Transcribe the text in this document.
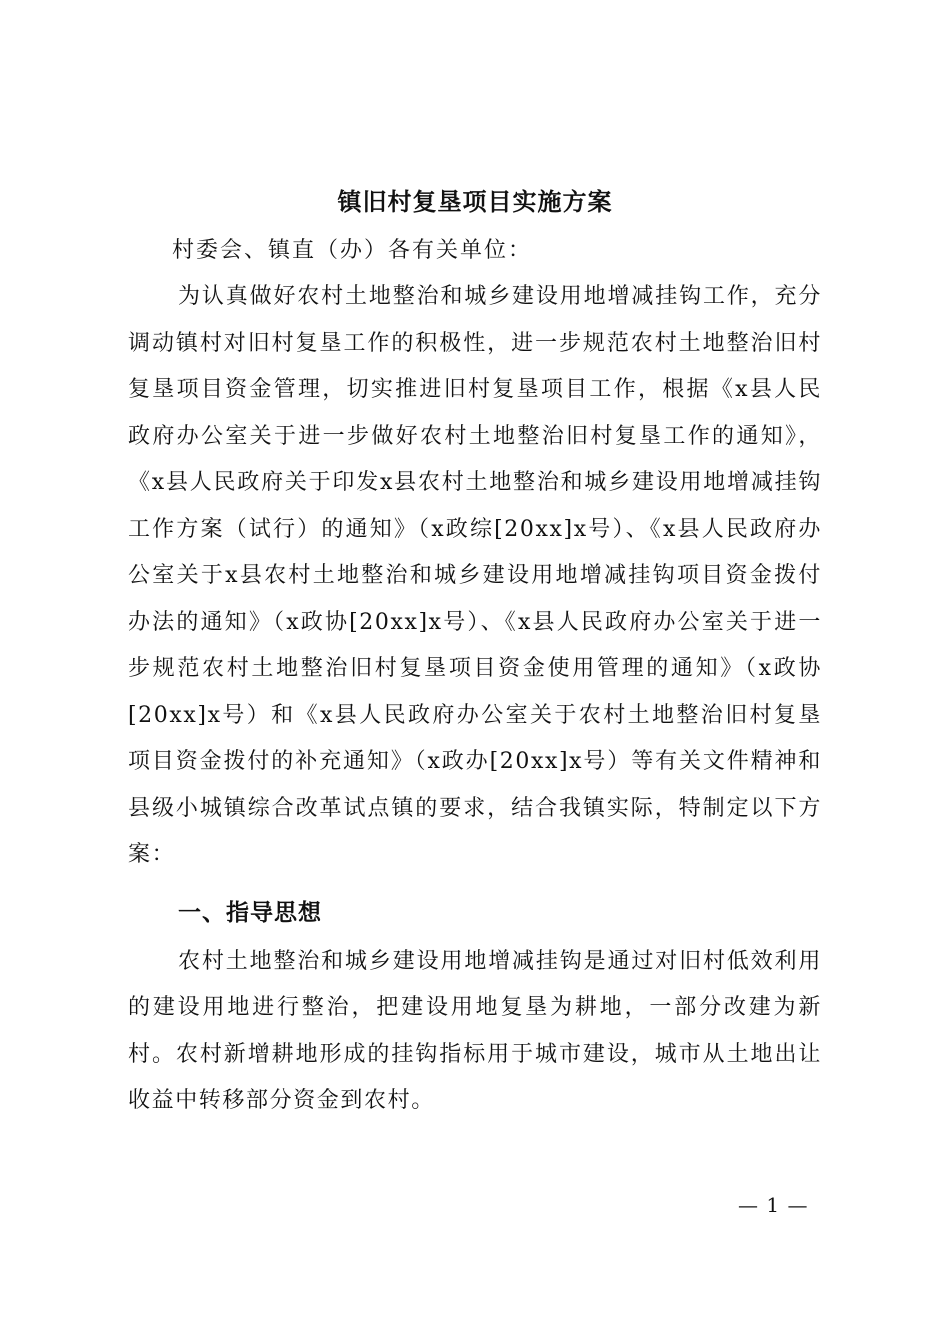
镇旧村复垦项目实施方案

村委会、镇直（办）各有关单位：

为认真做好农村土地整治和城乡建设用地增减挂钩工作，充分调动镇村对旧村复垦工作的积极性，进一步规范农村土地整治旧村复垦项目资金管理，切实推进旧村复垦项目工作，根据《x县人民政府办公室关于进一步做好农村土地整治旧村复垦工作的通知》，《x县人民政府关于印发x县农村土地整治和城乡建设用地增减挂钩工作方案（试行）的通知》（x政综[20xx]x号）、《x县人民政府办公室关于x县农村土地整治和城乡建设用地增减挂钩项目资金拨付办法的通知》（x政协[20xx]x号）、《x县人民政府办公室关于进一步规范农村土地整治旧村复垦项目资金使用管理的通知》（x政协[20xx]x号）和《x县人民政府办公室关于农村土地整治旧村复垦项目资金拨付的补充通知》（x政办[20xx]x号）等有关文件精神和县级小城镇综合改革试点镇的要求，结合我镇实际，特制定以下方案：

一、指导思想

农村土地整治和城乡建设用地增减挂钩是通过对旧村低效利用的建设用地进行整治，把建设用地复垦为耕地，一部分改建为新村。农村新增耕地形成的挂钩指标用于城市建设，城市从土地出让收益中转移部分资金到农村。

— 1 —
